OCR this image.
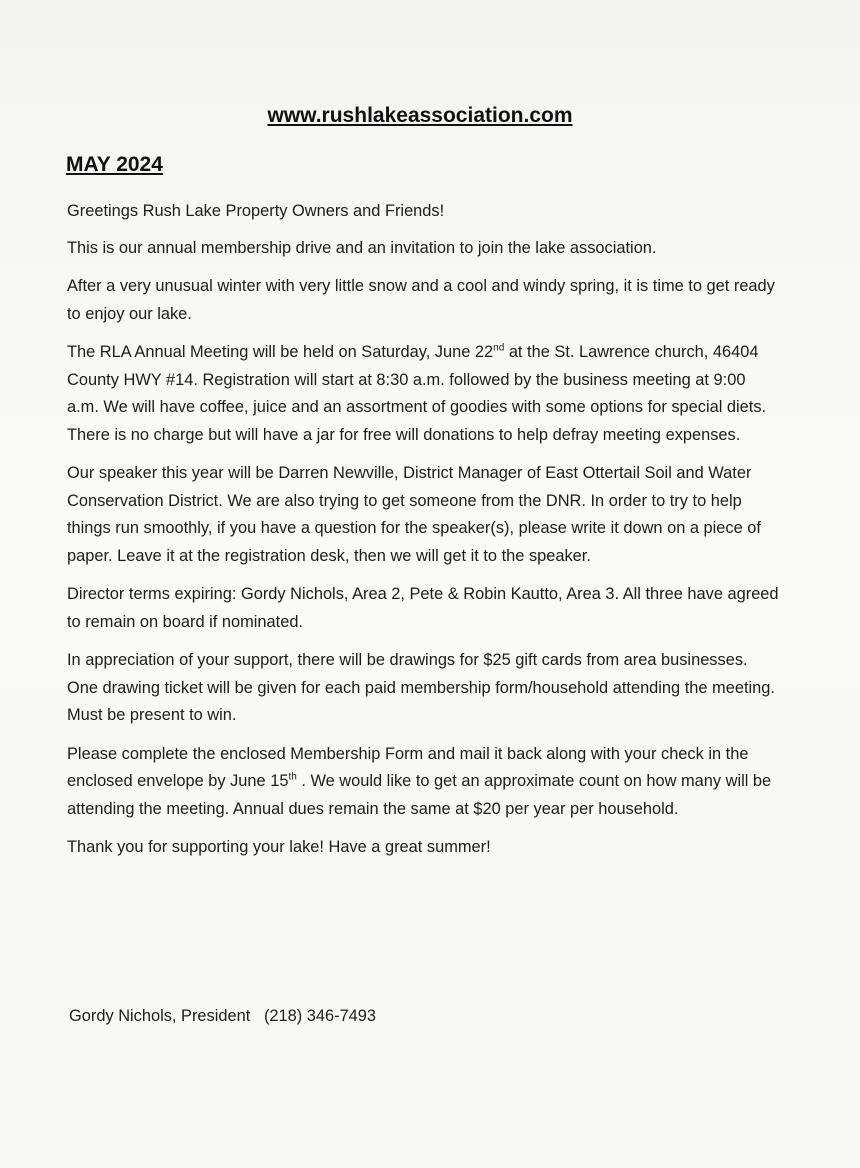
www.rushlakeassociation.com
MAY 2024

Greetings Rush Lake Property Owners and Friends!

This is our annual membership drive and an invitation to join the lake association.

After a very unusual winter with very little snow and a cool and windy spring, it is time to get ready to enjoy our lake.

The RLA Annual Meeting will be held on Saturday, June 22nd at the St. Lawrence church, 46404 County HWY #14. Registration will start at 8:30 a.m. followed by the business meeting at 9:00 a.m. We will have coffee, juice and an assortment of goodies with some options for special diets. There is no charge but will have a jar for free will donations to help defray meeting expenses.

Our speaker this year will be Darren Newville, District Manager of East Ottertail Soil and Water Conservation District. We are also trying to get someone from the DNR. In order to try to help things run smoothly, if you have a question for the speaker(s), please write it down on a piece of paper. Leave it at the registration desk, then we will get it to the speaker.

Director terms expiring: Gordy Nichols, Area 2, Pete & Robin Kautto, Area 3. All three have agreed to remain on board if nominated.

In appreciation of your support, there will be drawings for $25 gift cards from area businesses. One drawing ticket will be given for each paid membership form/household attending the meeting. Must be present to win.

Please complete the enclosed Membership Form and mail it back along with your check in the enclosed envelope by June 15th . We would like to get an approximate count on how many will be attending the meeting. Annual dues remain the same at $20 per year per household.

Thank you for supporting your lake! Have a great summer!

Gordy Nichols, President   (218) 346-7493
